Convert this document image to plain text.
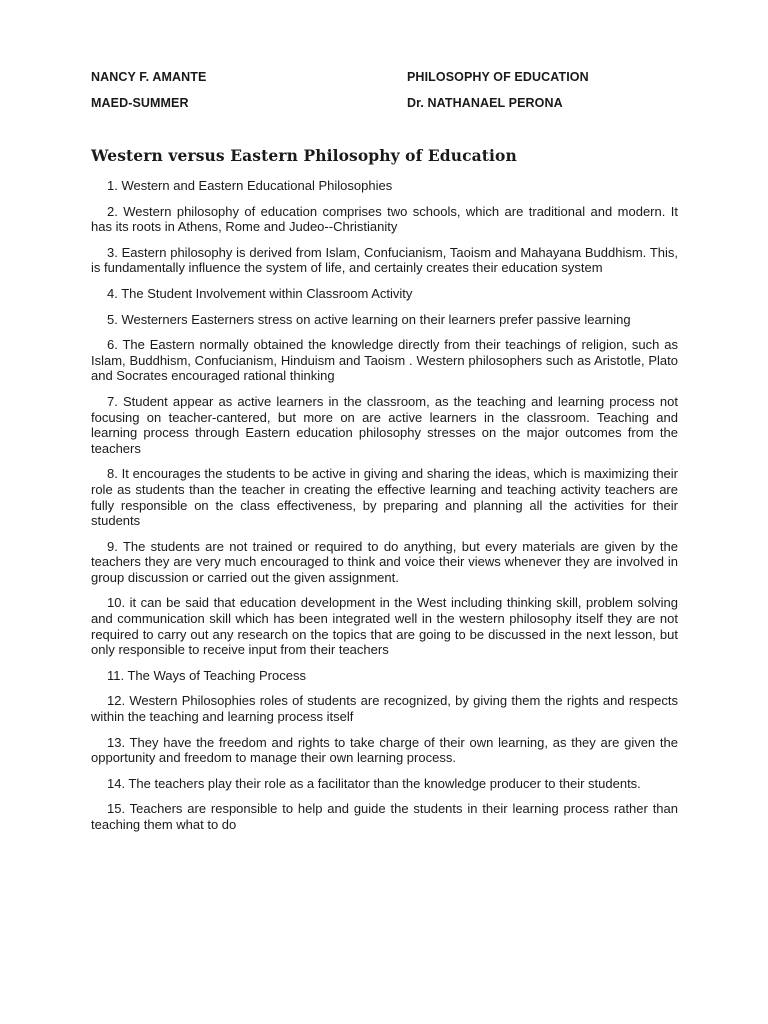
NANCY F. AMANTE
MAED-SUMMER
PHILOSOPHY OF EDUCATION
Dr. NATHANAEL PERONA
Western versus Eastern Philosophy of Education

1. Western and Eastern Educational Philosophies

2. Western philosophy of education comprises two schools, which are traditional and modern. It has its roots in Athens, Rome and Judeo--Christianity

3. Eastern philosophy is derived from Islam, Confucianism, Taoism and Mahayana Buddhism. This, is fundamentally influence the system of life, and certainly creates their education system

4. The Student Involvement within Classroom Activity

5. Westerners Easterners stress on active learning on their learners prefer passive learning

6. The Eastern normally obtained the knowledge directly from their teachings of religion, such as Islam, Buddhism, Confucianism, Hinduism and Taoism . Western philosophers such as Aristotle, Plato and Socrates encouraged rational thinking

7. Student appear as active learners in the classroom, as the teaching and learning process not focusing on teacher-cantered, but more on are active learners in the classroom. Teaching and learning process through Eastern education philosophy stresses on the major outcomes from the teachers

8. It encourages the students to be active in giving and sharing the ideas, which is maximizing their role as students than the teacher in creating the effective learning and teaching activity teachers are fully responsible on the class effectiveness, by preparing and planning all the activities for their students

9. The students are not trained or required to do anything, but every materials are given by the teachers they are very much encouraged to think and voice their views whenever they are involved in group discussion or carried out the given assignment.

10. it can be said that education development in the West including thinking skill, problem solving and communication skill which has been integrated well in the western philosophy itself they are not required to carry out any research on the topics that are going to be discussed in the next lesson, but only responsible to receive input from their teachers

11. The Ways of Teaching Process

12. Western Philosophies roles of students are recognized, by giving them the rights and respects within the teaching and learning process itself

13. They have the freedom and rights to take charge of their own learning, as they are given the opportunity and freedom to manage their own learning process.

14. The teachers play their role as a facilitator than the knowledge producer to their students.

15. Teachers are responsible to help and guide the students in their learning process rather than teaching them what to do
